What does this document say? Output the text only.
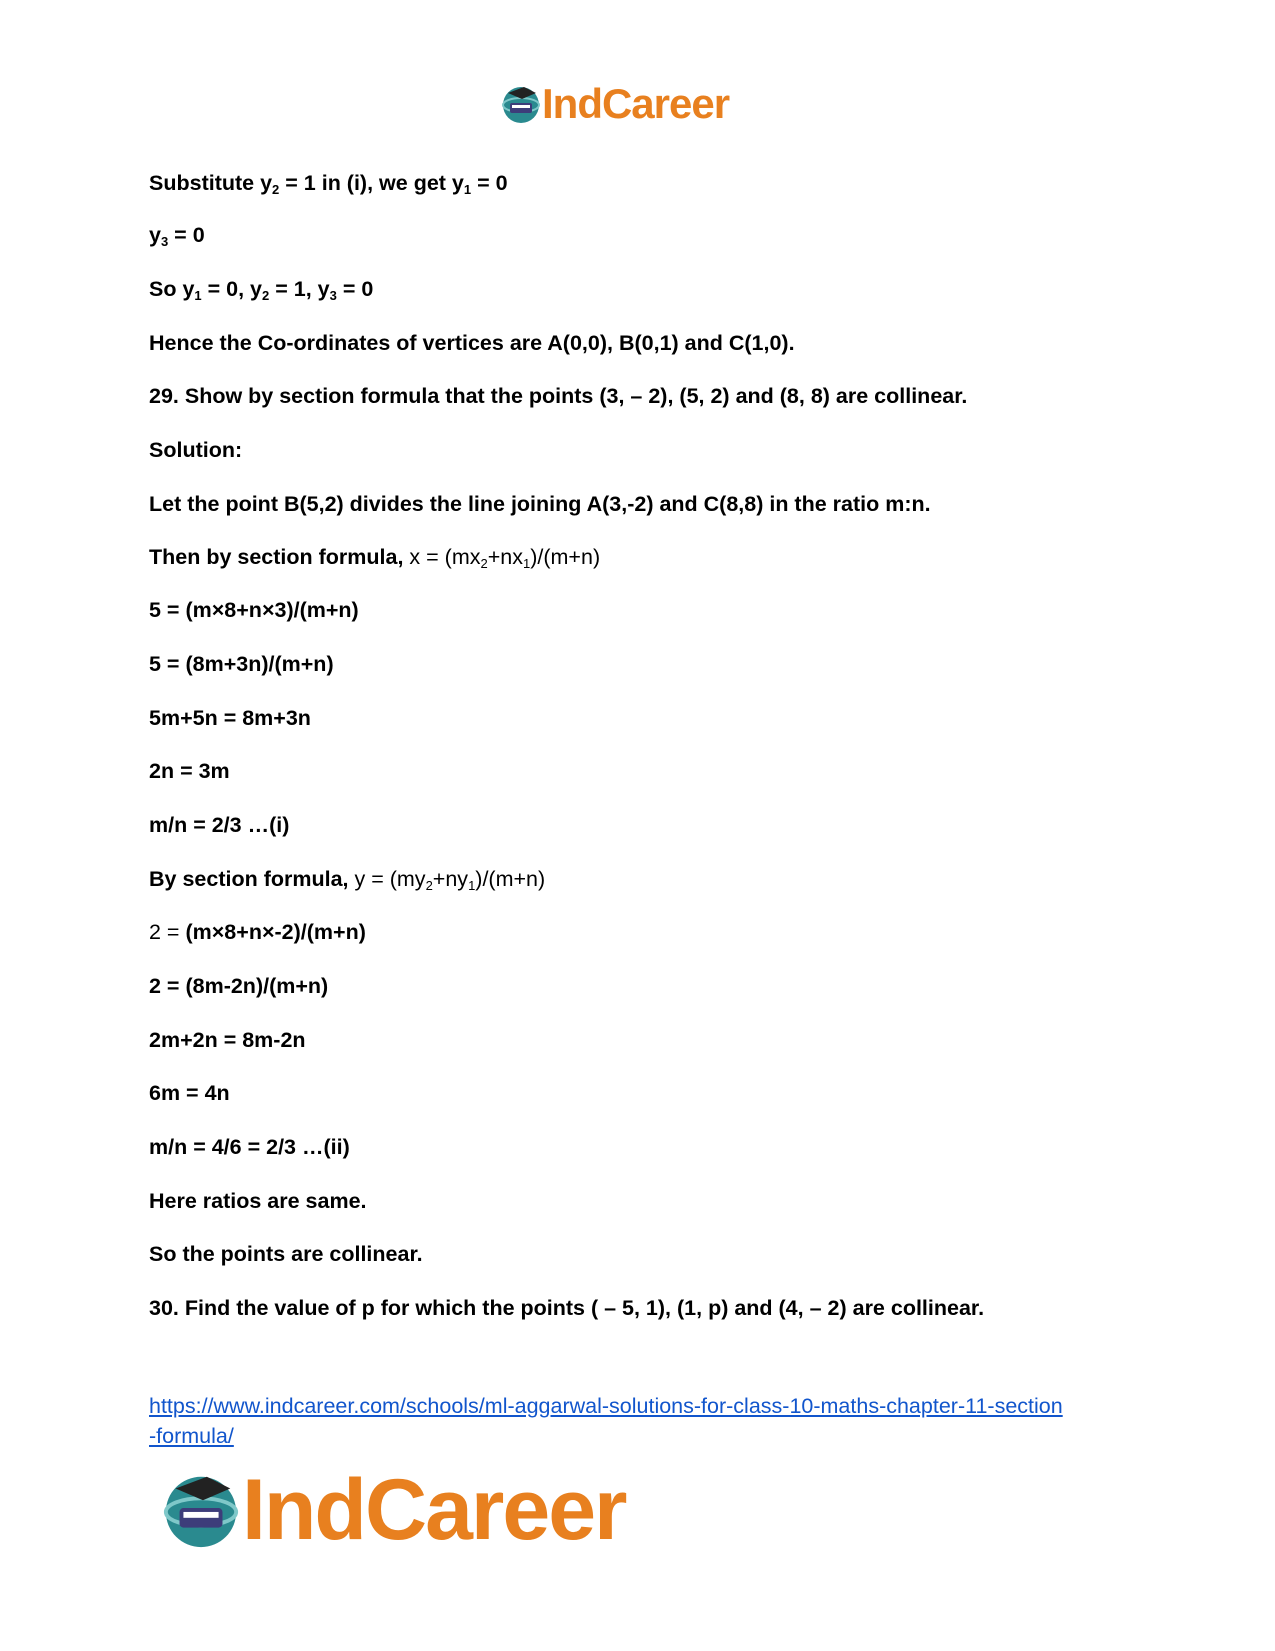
IndCareer
Substitute $y_2 = 1$ in (i), we get $y_1 = 0$
$y_3 = 0$
So $y_1 = 0$, $y_2 = 1$, $y_3 = 0$
Hence the Co-ordinates of vertices are A(0,0), B(0,1) and C(1,0).
29. Show by section formula that the points (3, – 2), (5, 2) and (8, 8) are collinear.
Solution:
Let the point B(5,2) divides the line joining A(3,-2) and C(8,8) in the ratio m:n.
Then by section formula, $x = (mx_2+nx_1)/(m+n)$
5 = (m×8+n×3)/(m+n)
5 = (8m+3n)/(m+n)
5m+5n = 8m+3n
2n = 3m
m/n = 2/3 …(i)
By section formula, $y = (my_2+ny_1)/(m+n)$
2 = (m×8+n×-2)/(m+n)
2 = (8m-2n)/(m+n)
2m+2n = 8m-2n
6m = 4n
m/n = 4/6 = 2/3 …(ii)
Here ratios are same.
So the points are collinear.
30. Find the value of p for which the points ( – 5, 1), (1, p) and (4, – 2) are collinear.
https://www.indcareer.com/schools/ml-aggarwal-solutions-for-class-10-maths-chapter-11-section
-formula/
IndCareer
